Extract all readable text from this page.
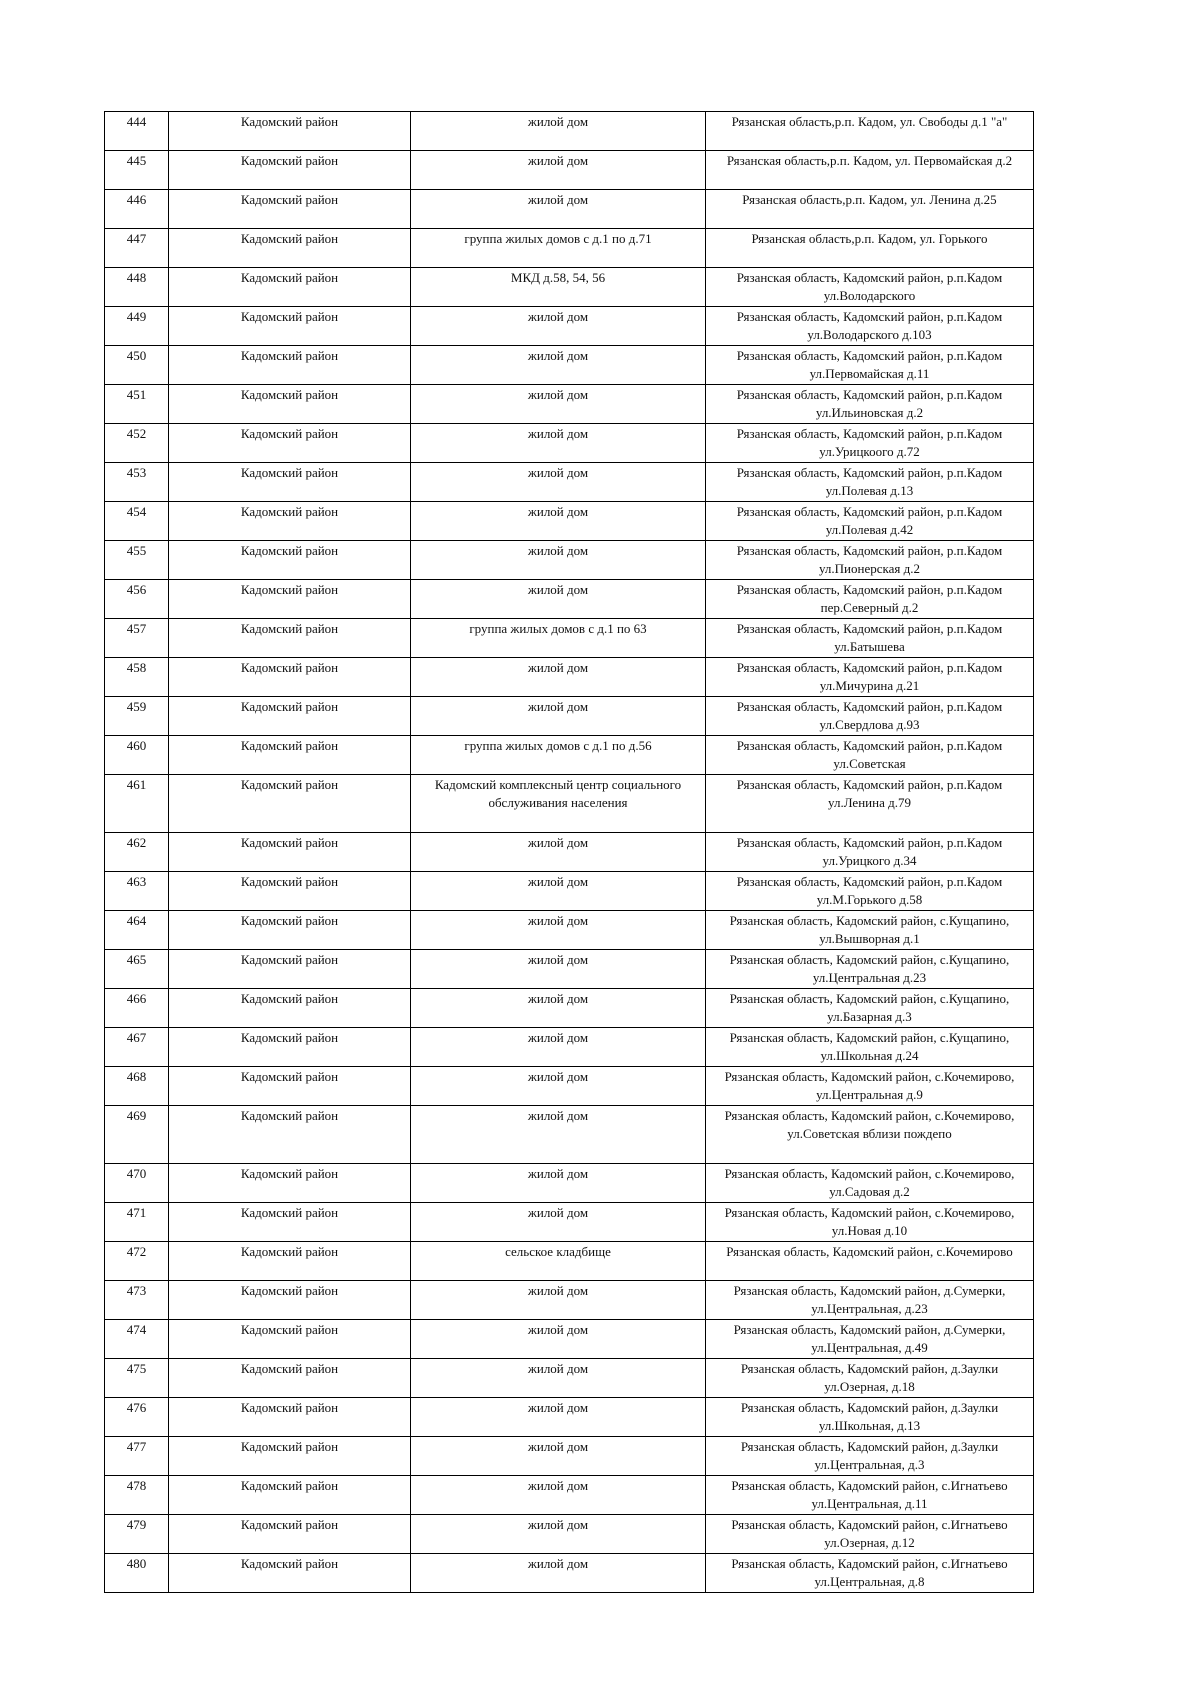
444	Кадомский район	жилой дом	Рязанская область,р.п. Кадом, ул. Свободы д.1 "а"
445	Кадомский район	жилой дом	Рязанская область,р.п. Кадом, ул. Первомайская д.2
446	Кадомский район	жилой дом	Рязанская область,р.п. Кадом, ул. Ленина д.25
447	Кадомский район	группа жилых домов с д.1 по д.71	Рязанская область,р.п. Кадом, ул. Горького
448	Кадомский район	МКД д.58, 54, 56	Рязанская область, Кадомский район, р.п.Кадом ул.Володарского
449	Кадомский район	жилой дом	Рязанская область, Кадомский район, р.п.Кадом ул.Володарского д.103
450	Кадомский район	жилой дом	Рязанская область, Кадомский район, р.п.Кадом ул.Первомайская д.11
451	Кадомский район	жилой дом	Рязанская область, Кадомский район, р.п.Кадом ул.Ильиновская д.2
452	Кадомский район	жилой дом	Рязанская область, Кадомский район, р.п.Кадом ул.Урицкоого д.72
453	Кадомский район	жилой дом	Рязанская область, Кадомский район, р.п.Кадом ул.Полевая д.13
454	Кадомский район	жилой дом	Рязанская область, Кадомский район, р.п.Кадом ул.Полевая д.42
455	Кадомский район	жилой дом	Рязанская область, Кадомский район, р.п.Кадом ул.Пионерская д.2
456	Кадомский район	жилой дом	Рязанская область, Кадомский район, р.п.Кадом пер.Северный д.2
457	Кадомский район	группа жилых домов с д.1 по 63	Рязанская область, Кадомский район, р.п.Кадом ул.Батышева
458	Кадомский район	жилой дом	Рязанская область, Кадомский район, р.п.Кадом ул.Мичурина д.21
459	Кадомский район	жилой дом	Рязанская область, Кадомский район, р.п.Кадом ул.Свердлова д.93
460	Кадомский район	группа жилых домов с д.1 по д.56	Рязанская область, Кадомский район, р.п.Кадом ул.Советская
461	Кадомский район	Кадомский комплексный центр социального обслуживания населения	Рязанская область, Кадомский район, р.п.Кадом ул.Ленина д.79
462	Кадомский район	жилой дом	Рязанская область, Кадомский район, р.п.Кадом ул.Урицкого д.34
463	Кадомский район	жилой дом	Рязанская область, Кадомский район, р.п.Кадом ул.М.Горького д.58
464	Кадомский район	жилой дом	Рязанская область, Кадомский район, с.Кущапино, ул.Вышворная д.1
465	Кадомский район	жилой дом	Рязанская область, Кадомский район, с.Кущапино, ул.Центральная д.23
466	Кадомский район	жилой дом	Рязанская область, Кадомский район, с.Кущапино, ул.Базарная д.3
467	Кадомский район	жилой дом	Рязанская область, Кадомский район, с.Кущапино, ул.Школьная д.24
468	Кадомский район	жилой дом	Рязанская область, Кадомский район, с.Кочемирово, ул.Центральная д.9
469	Кадомский район	жилой дом	Рязанская область, Кадомский район, с.Кочемирово, ул.Советская вблизи пождепо
470	Кадомский район	жилой дом	Рязанская область, Кадомский район, с.Кочемирово, ул.Садовая д.2
471	Кадомский район	жилой дом	Рязанская область, Кадомский район, с.Кочемирово, ул.Новая д.10
472	Кадомский район	сельское кладбище	Рязанская область, Кадомский район, с.Кочемирово
473	Кадомский район	жилой дом	Рязанская область, Кадомский район, д.Сумерки, ул.Центральная, д.23
474	Кадомский район	жилой дом	Рязанская область, Кадомский район, д.Сумерки, ул.Центральная, д.49
475	Кадомский район	жилой дом	Рязанская область, Кадомский район, д.Заулки ул.Озерная, д.18
476	Кадомский район	жилой дом	Рязанская область, Кадомский район, д.Заулки ул.Школьная, д.13
477	Кадомский район	жилой дом	Рязанская область, Кадомский район, д.Заулки ул.Центральная, д.3
478	Кадомский район	жилой дом	Рязанская область, Кадомский район, с.Игнатьево ул.Центральная, д.11
479	Кадомский район	жилой дом	Рязанская область, Кадомский район, с.Игнатьево ул.Озерная, д.12
480	Кадомский район	жилой дом	Рязанская область, Кадомский район, с.Игнатьево ул.Центральная, д.8
